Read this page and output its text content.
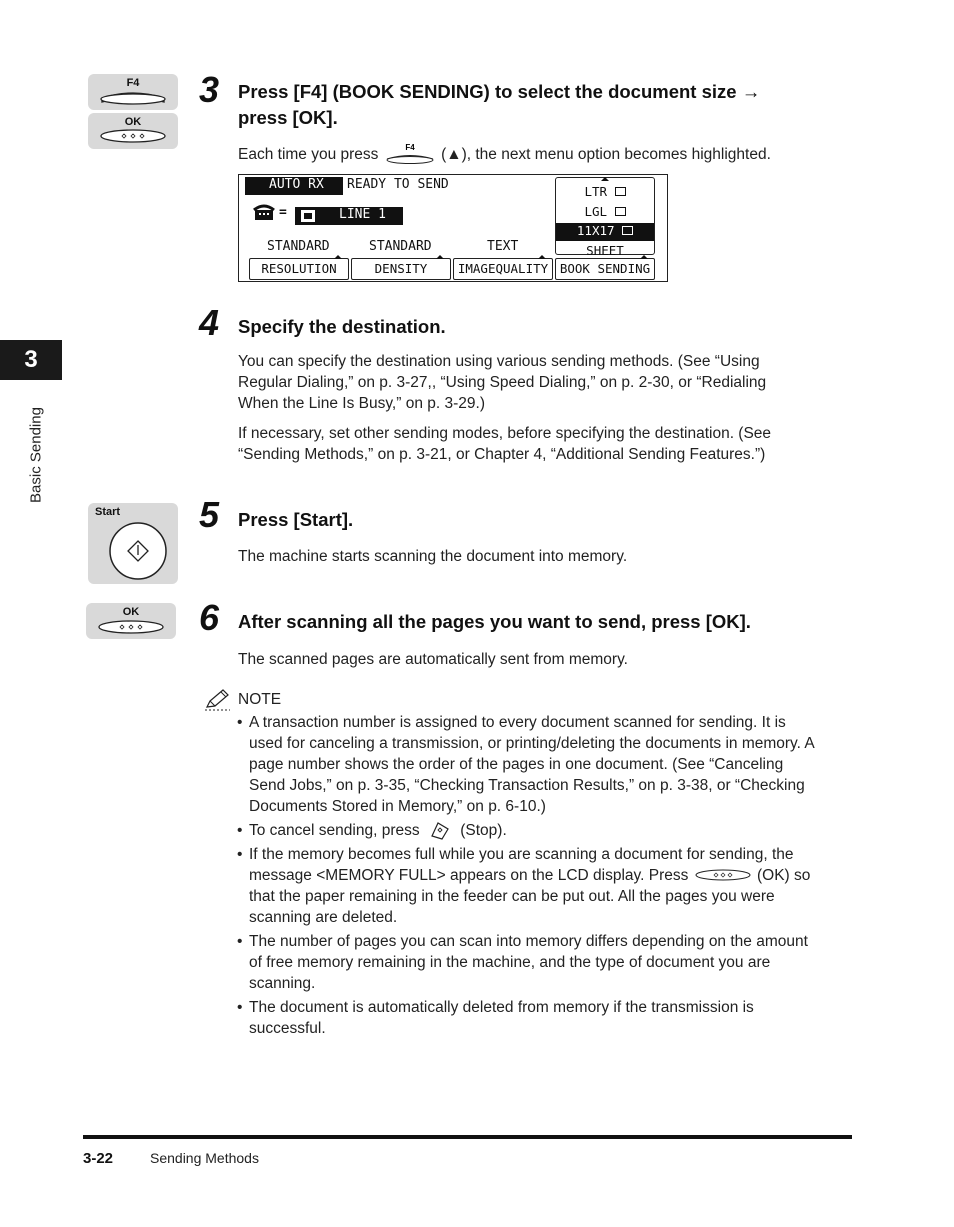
3
Basic Sending
F4
OK
3 Press [F4] (BOOK SENDING) to select the document size →
press [OK].
Each time you press	F4 (▲), the next menu option becomes highlighted.
AUTO RX READY TO SEND
=	LINE 1
STANDARD	STANDARD	TEXT
RESOLUTION	DENSITY	IMAGEQUALITY BOOK SENDING
LTR
LGL
11X17
SHEET
4 Specify the destination.
You can specify the destination using various sending methods. (See “Using
Regular Dialing,” on p. 3-27,, “Using Speed Dialing,” on p. 2-30, or “Redialing
When the Line Is Busy,” on p. 3-29.)
If necessary, set other sending modes, before specifying the destination. (See
“Sending Methods,” on p. 3-21, or Chapter 4, “Additional Sending Features.”)
Start 5 Press [Start].
The machine starts scanning the document into memory.
OK	6 After scanning all the pages you want to send, press [OK].
The scanned pages are automatically sent from memory.
NOTE
• A transaction number is assigned to every document scanned for sending. It is
used for canceling a transmission, or printing/deleting the documents in memory. A
page number shows the order of the pages in one document. (See “Canceling
Send Jobs,” on p. 3-35, “Checking Transaction Results,” on p. 3-38, or “Checking
Documents Stored in Memory,” on p. 6-10.)
• To cancel sending, press	(Stop).
• If the memory becomes full while you are scanning a document for sending, the
message <MEMORY FULL> appears on the LCD display. Press	(OK) so
that the paper remaining in the feeder can be put out. All the pages you were
scanning are deleted.
• The number of pages you can scan into memory differs depending on the amount
of free memory remaining in the machine, and the type of document you are
scanning.
• The document is automatically deleted from memory if the transmission is
successful.
3-22	Sending Methods
